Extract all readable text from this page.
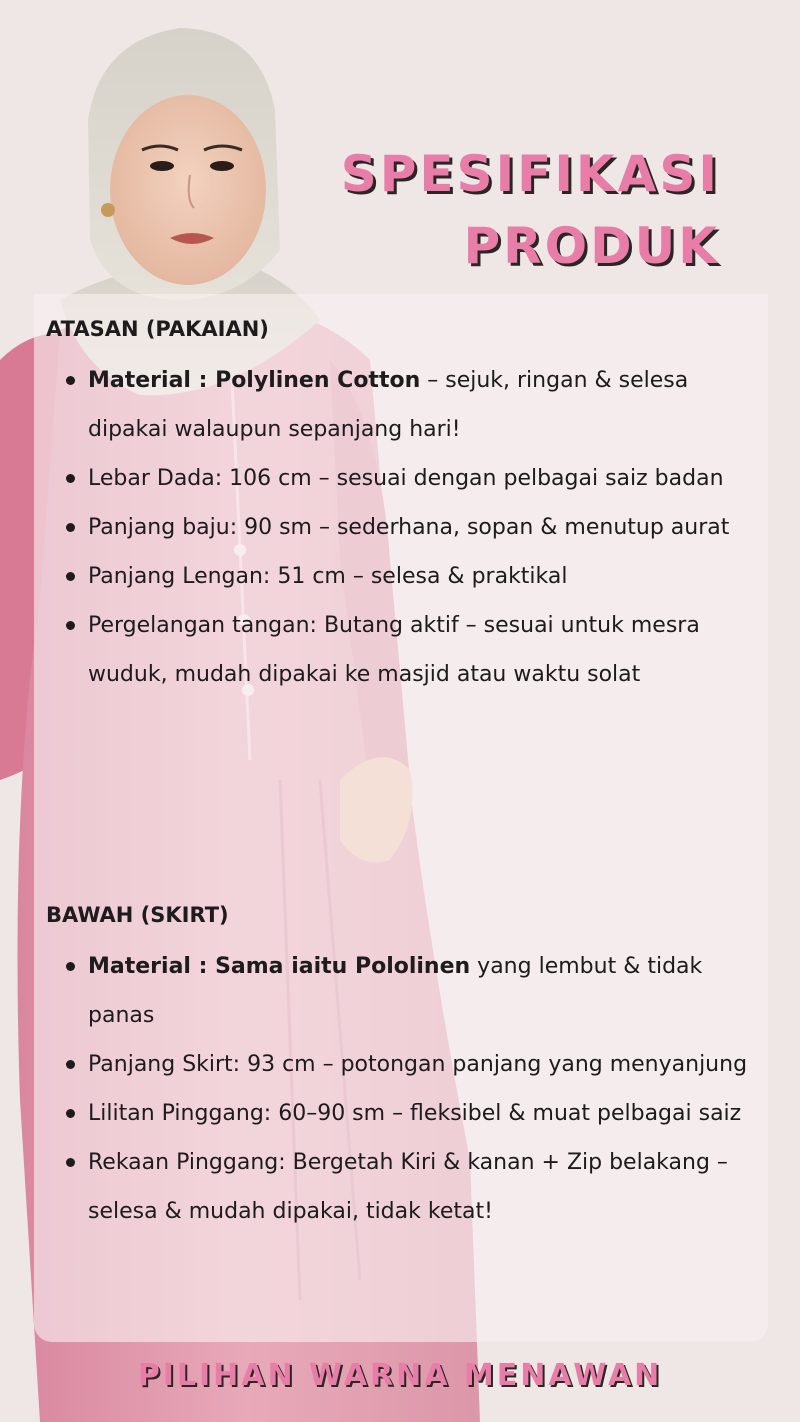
SPESIFIKASI
PRODUK
ATASAN (PAKAIAN)
Material : Polylinen Cotton – sejuk, ringan & selesa dipakai walaupun sepanjang hari!
Lebar Dada: 106 cm – sesuai dengan pelbagai saiz badan
Panjang baju: 90 sm – sederhana, sopan & menutup aurat
Panjang Lengan: 51 cm – selesa & praktikal
Pergelangan tangan: Butang aktif – sesuai untuk mesra wuduk, mudah dipakai ke masjid atau waktu solat
BAWAH (SKIRT)
Material : Sama iaitu Pololinen yang lembut & tidak panas
Panjang Skirt: 93 cm – potongan panjang yang menyanjung
Lilitan Pinggang: 60–90 sm – fleksibel & muat pelbagai saiz
Rekaan Pinggang: Bergetah Kiri & kanan + Zip belakang – selesa & mudah dipakai, tidak ketat!
PILIHAN WARNA MENAWAN
